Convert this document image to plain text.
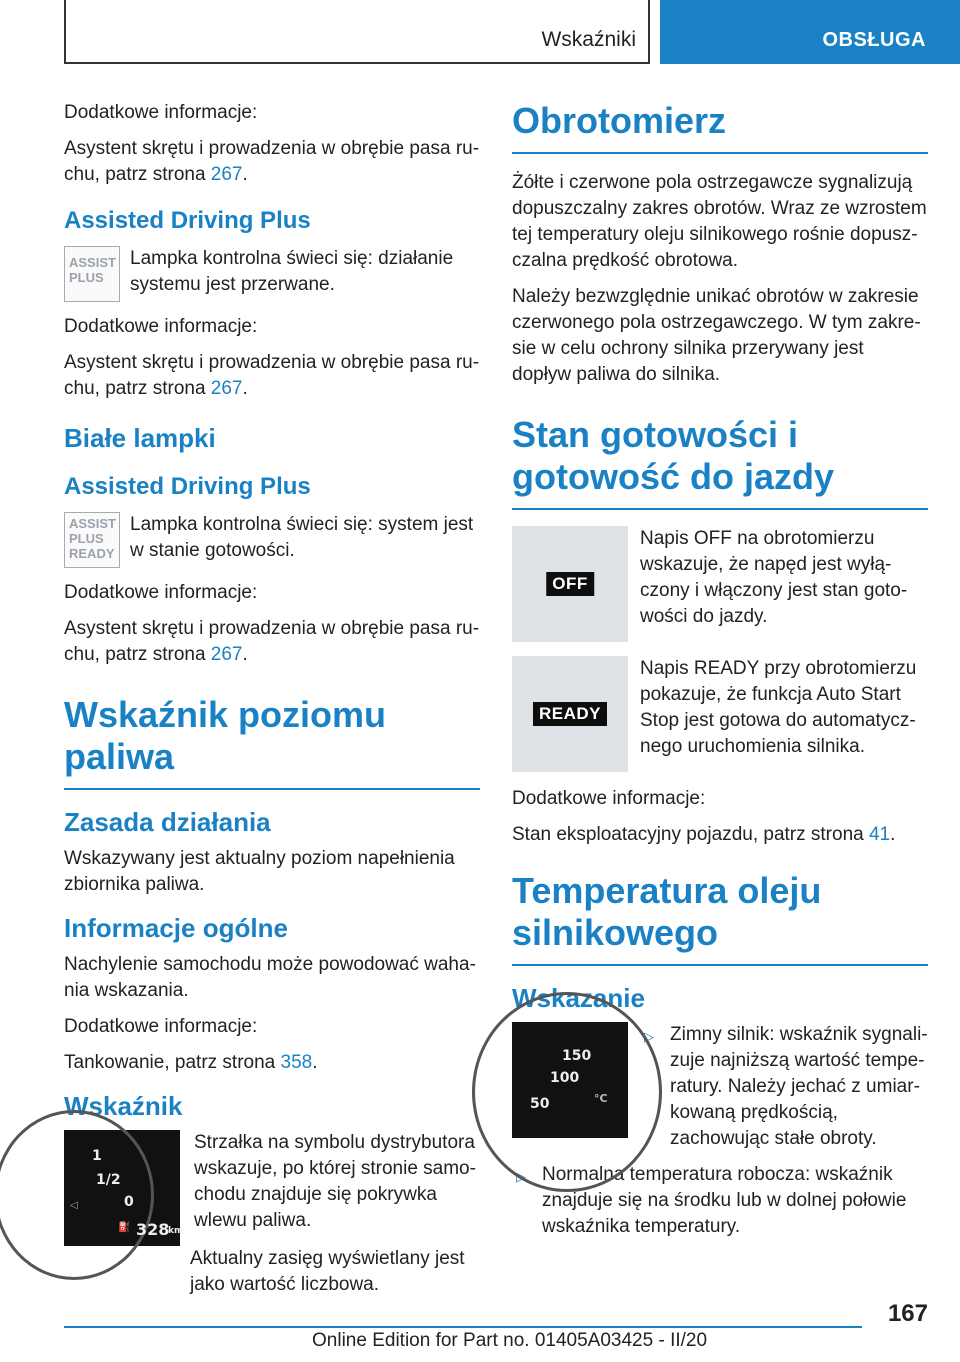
Wskaźniki	OBSŁUGA

Dodatkowe informacje:

Asystent skrętu i prowadzenia w obrębie pasa ruchu, patrz strona 267.

Assisted Driving Plus
ASSIST PLUS

Lampka kontrolna świeci się: działanie systemu jest przerwane.

Dodatkowe informacje:

Asystent skrętu i prowadzenia w obrębie pasa ruchu, patrz strona 267.

Białe lampki
Assisted Driving Plus
ASSIST PLUS READY

Lampka kontrolna świeci się: system jest w stanie gotowości.

Dodatkowe informacje:

Asystent skrętu i prowadzenia w obrębie pasa ruchu, patrz strona 267.

Wskaźnik poziomu paliwa
Zasada działania

Wskazywany jest aktualny poziom napełnienia zbiornika paliwa.

Informacje ogólne

Nachylenie samochodu może powodować wahania wskazania.

Dodatkowe informacje:

Tankowanie, patrz strona 358.

Wskaźnik
1
1/2
0
◁
⛽ 328
km

Strzałka na symbolu dystrybutora wskazuje, po której stronie samochodu znajduje się pokrywka wlewu paliwa.

Aktualny zasięg wyświetlany jest jako wartość liczbowa.

Obrotomierz

Żółte i czerwone pola ostrzegawcze sygnalizują dopuszczalny zakres obrotów. Wraz ze wzrostem tej temperatury oleju silnikowego rośnie dopuszczalna prędkość obrotowa.

Należy bezwzględnie unikać obrotów w zakresie czerwonego pola ostrzegawczego. W tym zakresie w celu ochrony silnika przerywany jest dopływ paliwa do silnika.

Stan gotowości i gotowość do jazdy
OFF

Napis OFF na obrotomierzu wskazuje, że napęd jest wyłączony i włączony jest stan gotowości do jazdy.

READY

Napis READY przy obrotomierzu pokazuje, że funkcja Auto Start Stop jest gotowa do automatycznego uruchomienia silnika.

Dodatkowe informacje:

Stan eksploatacyjny pojazdu, patrz strona 41.

Temperatura oleju silnikowego
Wskazanie
150
100
50	°C
▷ Zimny silnik: wskaźnik sygnalizuje najniższą wartość temperatury. Należy jechać z umiarkowaną prędkością, zachowując stałe obroty.
▷ Normalna temperatura robocza: wskaźnik znajduje się na środku lub w dolnej połowie wskaźnika temperatury.
167
Online Edition for Part no. 01405A03425 - II/20
